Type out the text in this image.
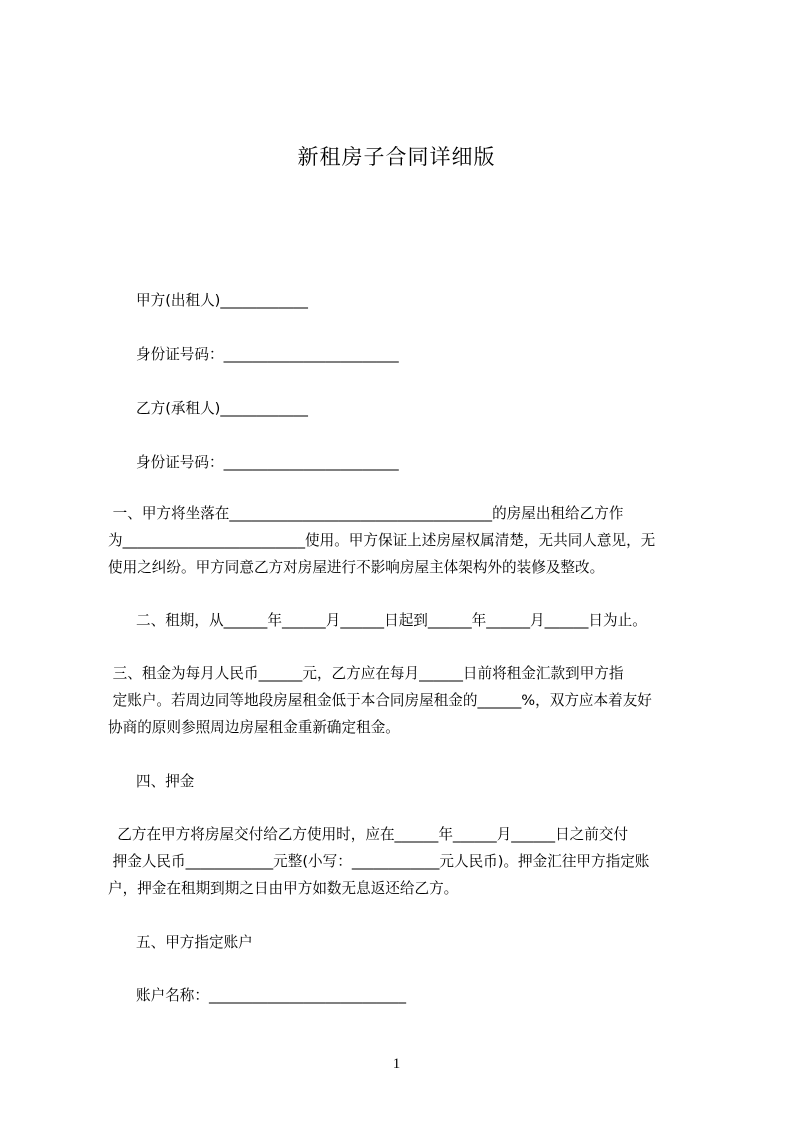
新租房子合同详细版
甲方(出租人)____________
身份证号码：________________________
乙方(承租人)____________
身份证号码：________________________
一、甲方将坐落在____________________________________的房屋出租给乙方作
为_________________________使用。甲方保证上述房屋权属清楚，无共同人意见，无
使用之纠纷。甲方同意乙方对房屋进行不影响房屋主体架构外的装修及整改。
二、租期，从______年______月______日起到______年______月______日为止。
三、租金为每月人民币______元，乙方应在每月______日前将租金汇款到甲方指
定账户。若周边同等地段房屋租金低于本合同房屋租金的______%，双方应本着友好
协商的原则参照周边房屋租金重新确定租金。
四、押金
乙方在甲方将房屋交付给乙方使用时，应在______年______月______日之前交付
押金人民币____________元整(小写：____________元人民币)。押金汇往甲方指定账
户，押金在租期到期之日由甲方如数无息返还给乙方。
五、甲方指定账户
账户名称：___________________________
1
